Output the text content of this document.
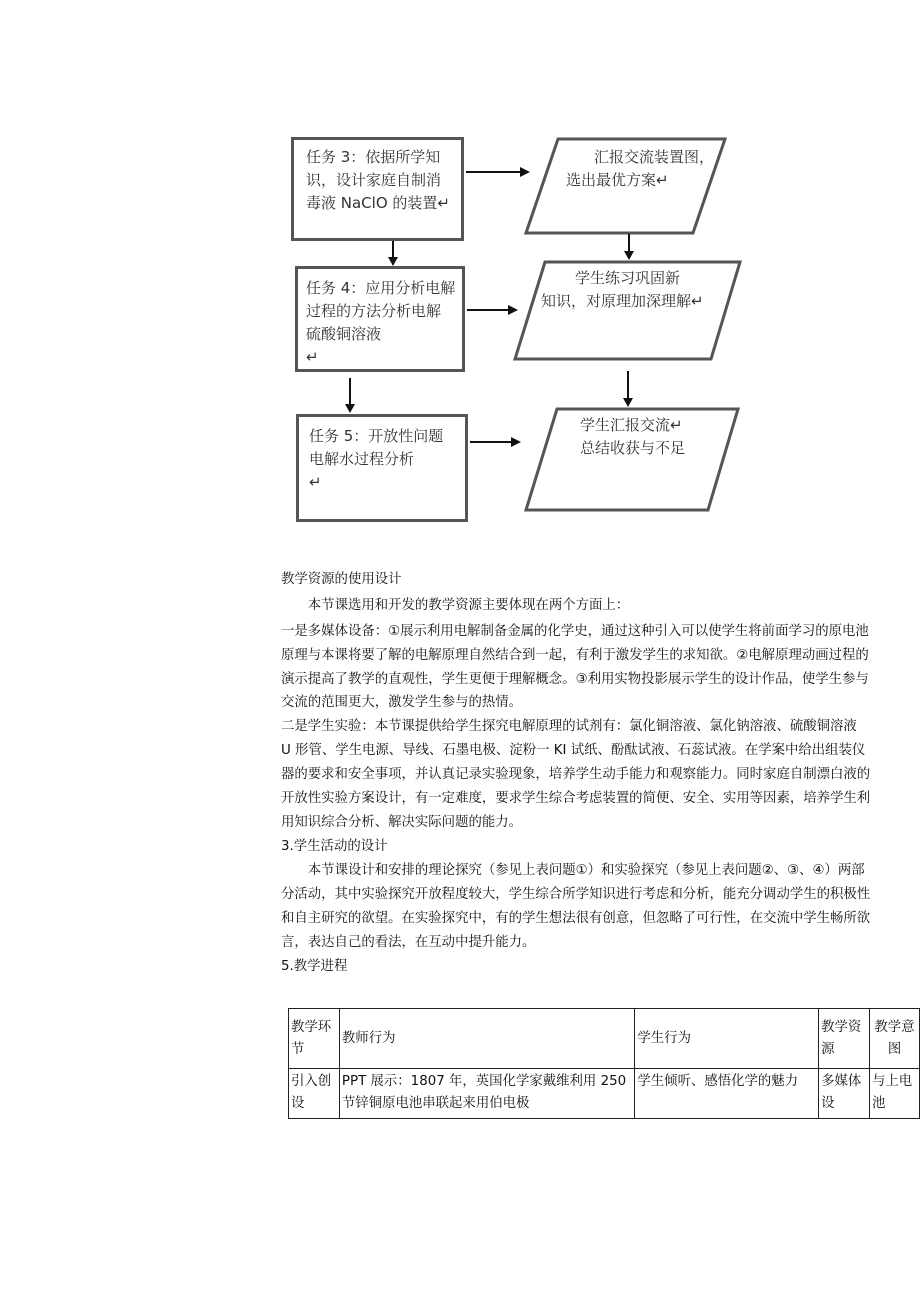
任务 3：依据所学知
识，设计家庭自制消
毒液 NaClO 的装置↵
任务 4：应用分析电解
过程的方法分析电解
硫酸铜溶液
↵
任务 5：开放性问题
电解水过程分析
↵
汇报交流装置图，
选出最优方案↵
学生练习巩固新
知识，对原理加深理解↵
学生汇报交流↵
总结收获与不足
教学资源的使用设计
本节课选用和开发的教学资源主要体现在两个方面上：
一是多媒体设备：①展示利用电解制备金属的化学史，通过这种引入可以使学生将前面学习的原电池
原理与本课将要了解的电解原理自然结合到一起，有利于激发学生的求知欲。②电解原理动画过程的
演示提高了教学的直观性，学生更便于理解概念。③利用实物投影展示学生的设计作品，使学生参与
交流的范围更大，激发学生参与的热情。
二是学生实验：本节课提供给学生探究电解原理的试剂有：氯化铜溶液、氯化钠溶液、硫酸铜溶液
U 形管、学生电源、导线、石墨电极、淀粉一 KI 试纸、酚酞试液、石蕊试液。在学案中给出组装仪
器的要求和安全事项，并认真记录实验现象，培养学生动手能力和观察能力。同时家庭自制漂白液的
开放性实验方案设计，有一定难度，要求学生综合考虑装置的简便、安全、实用等因素，培养学生利
用知识综合分析、解决实际问题的能力。
3.学生活动的设计
本节课设计和安排的理论探究（参见上表问题①）和实验探究（参见上表问题②、③、④）两部
分活动，其中实验探究开放程度较大，学生综合所学知识进行考虑和分析，能充分调动学生的积极性
和自主研究的欲望。在实验探究中，有的学生想法很有创意，但忽略了可行性，在交流中学生畅所欲
言，表达自己的看法，在互动中提升能力。
5.教学进程
教学环节	教师行为	学生行为	教学资源	教学意图
引入创设	PPT 展示：1807 年，英国化学家戴维利用 250 节锌铜原电池串联起来用伯电极	学生倾听、感悟化学的魅力	多媒体设	与上电池
